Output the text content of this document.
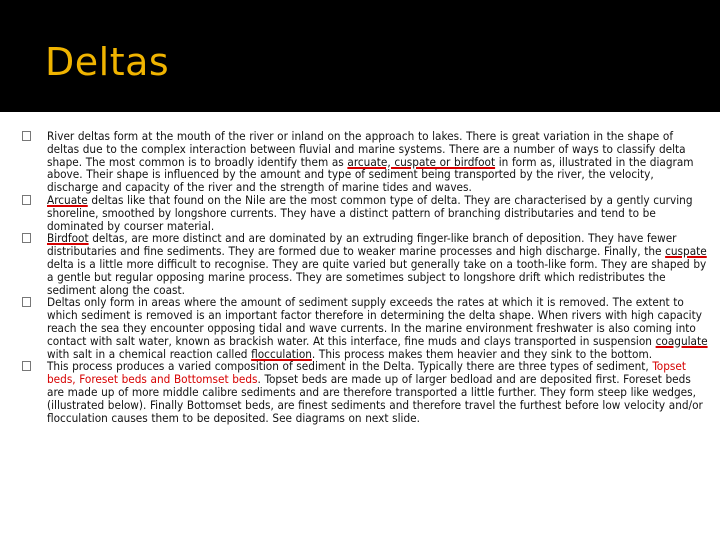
Deltas

River deltas form at the mouth of the river or inland on the approach to lakes. There is great variation in the shape of deltas due to the complex interaction between fluvial and marine systems. There are a number of ways to classify delta shape. The most common is to broadly identify them as arcuate, cuspate or birdfoot in form as, illustrated in the diagram above. Their shape is influenced by the amount and type of sediment being transported by the river, the velocity, discharge and capacity of the river and the strength of marine tides and waves.

Arcuate deltas like that found on the Nile are the most common type of delta. They are characterised by a gently curving shoreline, smoothed by longshore currents. They have a distinct pattern of branching distributaries and tend to be dominated by courser material.

Birdfoot deltas, are more distinct and are dominated by an extruding finger-like branch of deposition. They have fewer distributaries and fine sediments. They are formed due to weaker marine processes and high discharge. Finally, the cuspate delta is a little more difficult to recognise. They are quite varied but generally take on a tooth-like form. They are shaped by a gentle but regular opposing marine process. They are sometimes subject to longshore drift which redistributes the sediment along the coast.

Deltas only form in areas where the amount of sediment supply exceeds the rates at which it is removed. The extent to which sediment is removed is an important factor therefore in determining the delta shape. When rivers with high capacity reach the sea they encounter opposing tidal and wave currents. In the marine environment freshwater is also coming into contact with salt water, known as brackish water. At this interface, fine muds and clays transported in suspension coagulate with salt in a chemical reaction called flocculation. This process makes them heavier and they sink to the bottom.

This process produces a varied composition of sediment in the Delta. Typically there are three types of sediment, Topset beds, Foreset beds and Bottomset beds. Topset beds are made up of larger bedload and are deposited first. Foreset beds are made up of more middle calibre sediments and are therefore transported a little further. They form steep like wedges, (illustrated below). Finally Bottomset beds, are finest sediments and therefore travel the furthest before low velocity and/or flocculation causes them to be deposited. See diagrams on next slide.
